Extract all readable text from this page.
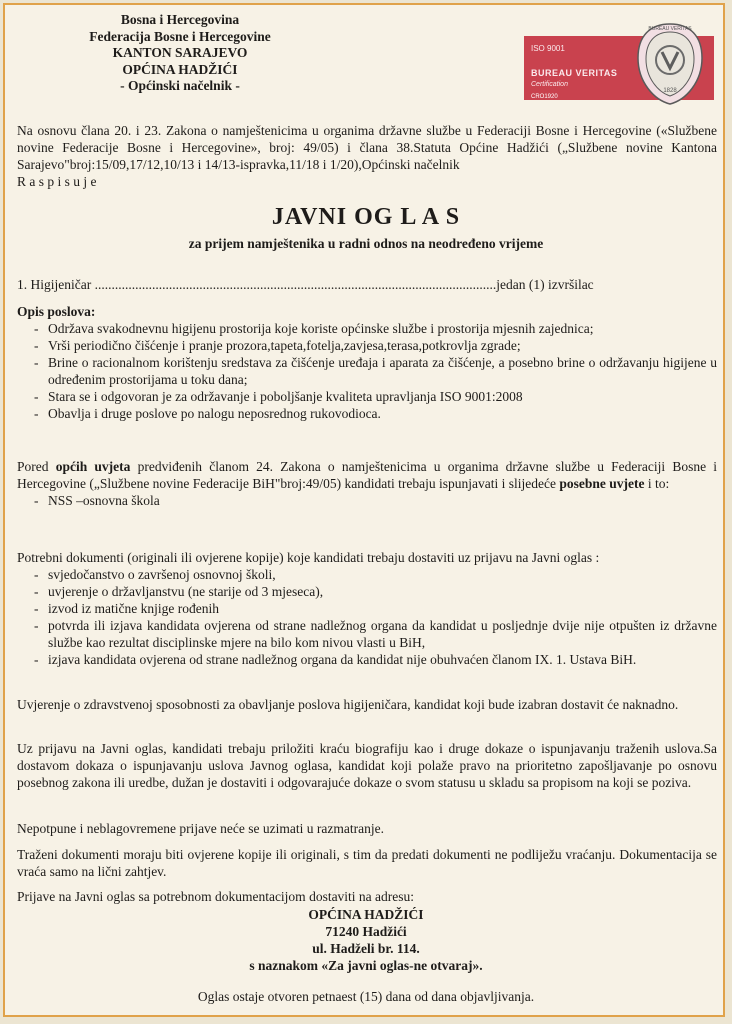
Bosna i Hercegovina
Federacija Bosne i Hercegovine
KANTON SARAJEVO
OPĆINA HADŽIĆI
- Općinski načelnik -
ISO 9001
BUREAU VERITAS
Certification
CRO1920
BUREAU VERITAS
1828
Na osnovu člana 20. i 23. Zakona o namještenicima u organima državne službe u Federaciji Bosne i Hercegovine («Službene novine Federacije Bosne i Hercegovine», broj: 49/05) i člana 38.Statuta Općine Hadžići („Službene novine Kantona Sarajevo"broj:15/09,17/12,10/13 i 14/13-ispravka,11/18 i 1/20),Općinski načelnik
R a s p i s u j e
JAVNI OG L A S
za prijem namještenika u radni odnos na neodređeno vrijeme
1. Higijeničar .......................................................................................................................jedan (1) izvršilac
Opis poslova:
- Održava svakodnevnu higijenu prostorija koje koriste općinske službe i prostorija mjesnih zajednica;
- Vrši periodično čišćenje i pranje prozora,tapeta,fotelja,zavjesa,terasa,potkrovlja zgrade;
- Brine o racionalnom korištenju sredstava za čišćenje uređaja i aparata za čišćenje, a posebno brine o održavanju higijene u određenim prostorijama u toku dana;
- Stara se i odgovoran je za održavanje i poboljšanje kvaliteta upravljanja ISO 9001:2008
- Obavlja i druge poslove po nalogu neposrednog rukovodioca.
Pored općih uvjeta predviđenih članom 24. Zakona o namještenicima u organima državne službe u Federaciji Bosne i Hercegovine („Službene novine Federacije BiH"broj:49/05) kandidati trebaju ispunjavati i slijedeće posebne uvjete i to:
- NSS –osnovna škola
Potrebni dokumenti (originali ili ovjerene kopije) koje kandidati trebaju dostaviti uz prijavu na Javni oglas :
- svjedočanstvo o završenoj osnovnoj školi,
- uvjerenje o državljanstvu (ne starije od 3 mjeseca),
- izvod iz matične knjige rođenih
- potvrda ili izjava kandidata ovjerena od strane nadležnog organa da kandidat u posljednje dvije nije otpušten iz državne službe kao rezultat disciplinske mjere na bilo kom nivou vlasti u BiH,
- izjava kandidata ovjerena od strane nadležnog organa da kandidat nije obuhvaćen članom IX. 1. Ustava BiH.
Uvjerenje o zdravstvenoj sposobnosti za obavljanje poslova higijeničara, kandidat koji bude izabran dostavit će naknadno.
Uz prijavu na Javni oglas, kandidati trebaju priložiti kraću biografiju kao i druge dokaze o ispunjavanju traženih uslova.Sa dostavom dokaza o ispunjavanju uslova Javnog oglasa, kandidat koji polaže pravo na prioritetno zapošljavanje po osnovu posebnog zakona ili uredbe, dužan je dostaviti i odgovarajuće dokaze o svom statusu u skladu sa propisom na koji se poziva.
Nepotpune i neblagovremene prijave neće se uzimati u razmatranje.
Traženi dokumenti moraju biti ovjerene kopije ili originali, s tim da predati dokumenti ne podliježu vraćanju. Dokumentacija se vraća samo na lični zahtjev.
Prijave na Javni oglas sa potrebnom dokumentacijom dostaviti na adresu:
OPĆINA HADŽIĆI
71240 Hadžići
ul. Hadželi br. 114.
s naznakom «Za javni oglas-ne otvaraj».
Oglas ostaje otvoren petnaest (15) dana od dana objavljivanja.
